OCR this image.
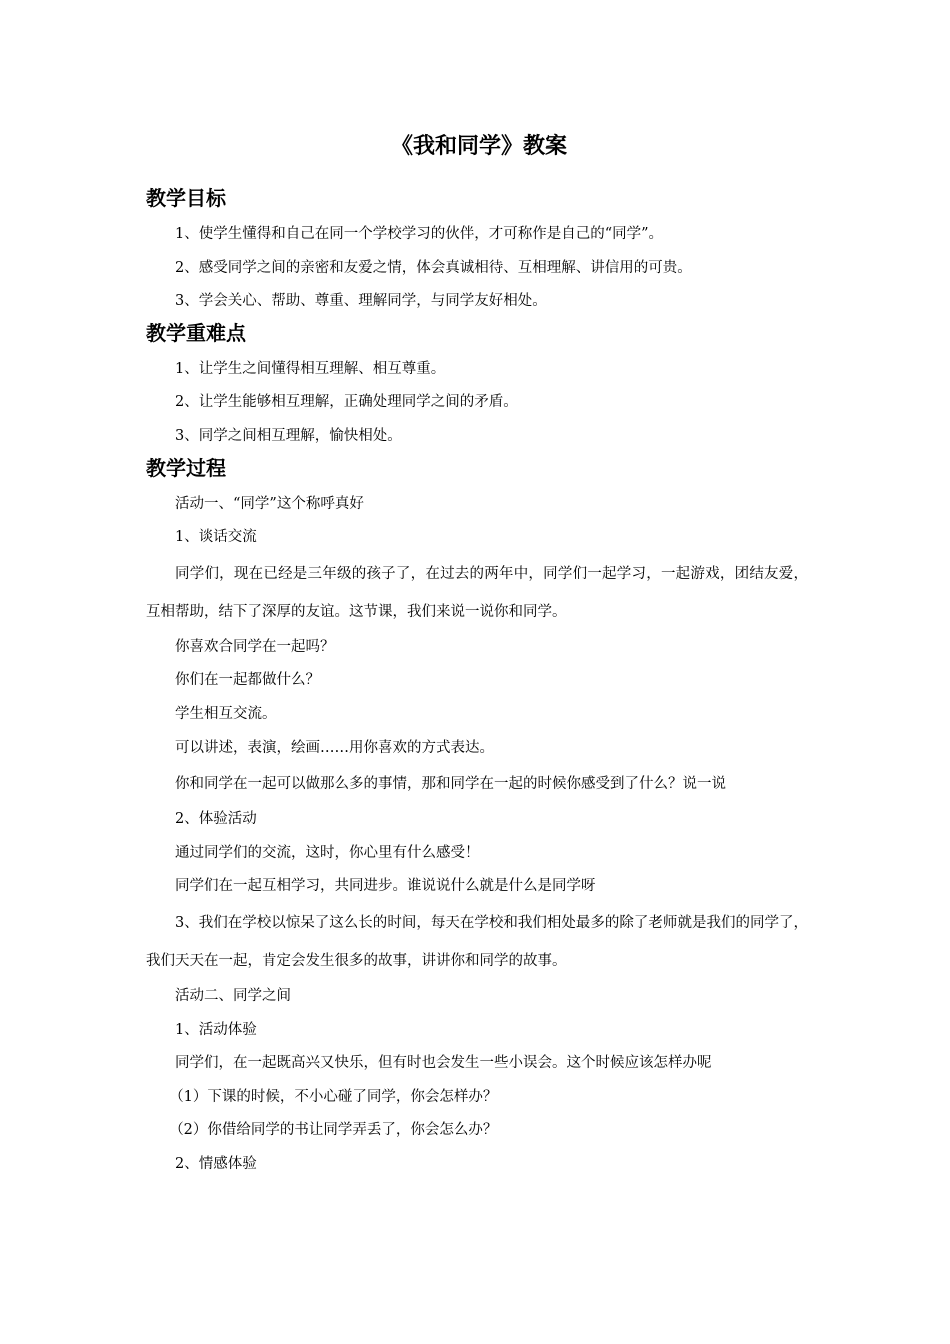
《我和同学》教案
教学目标

1、使学生懂得和自己在同一个学校学习的伙伴，才可称作是自己的“同学”。

2、感受同学之间的亲密和友爱之情，体会真诚相待、互相理解、讲信用的可贵。

3、学会关心、帮助、尊重、理解同学，与同学友好相处。

教学重难点

1、让学生之间懂得相互理解、相互尊重。

2、让学生能够相互理解，正确处理同学之间的矛盾。

3、同学之间相互理解，愉快相处。

教学过程

活动一、“同学”这个称呼真好

1、谈话交流

同学们，现在已经是三年级的孩子了，在过去的两年中，同学们一起学习，一起游戏，团结友爱，互相帮助，结下了深厚的友谊。这节课，我们来说一说你和同学。

你喜欢合同学在一起吗？

你们在一起都做什么？

学生相互交流。

可以讲述，表演，绘画……用你喜欢的方式表达。

你和同学在一起可以做那么多的事情，那和同学在一起的时候你感受到了什么？说一说

2、体验活动

通过同学们的交流，这时，你心里有什么感受！

同学们在一起互相学习，共同进步。谁说说什么就是什么是同学呀

3、我们在学校以惊呆了这么长的时间，每天在学校和我们相处最多的除了老师就是我们的同学了，我们天天在一起，肯定会发生很多的故事，讲讲你和同学的故事。

活动二、同学之间

1、活动体验

同学们，在一起既高兴又快乐，但有时也会发生一些小误会。这个时候应该怎样办呢

（1）下课的时候，不小心碰了同学，你会怎样办？

（2）你借给同学的书让同学弄丢了，你会怎么办？

2、情感体验
